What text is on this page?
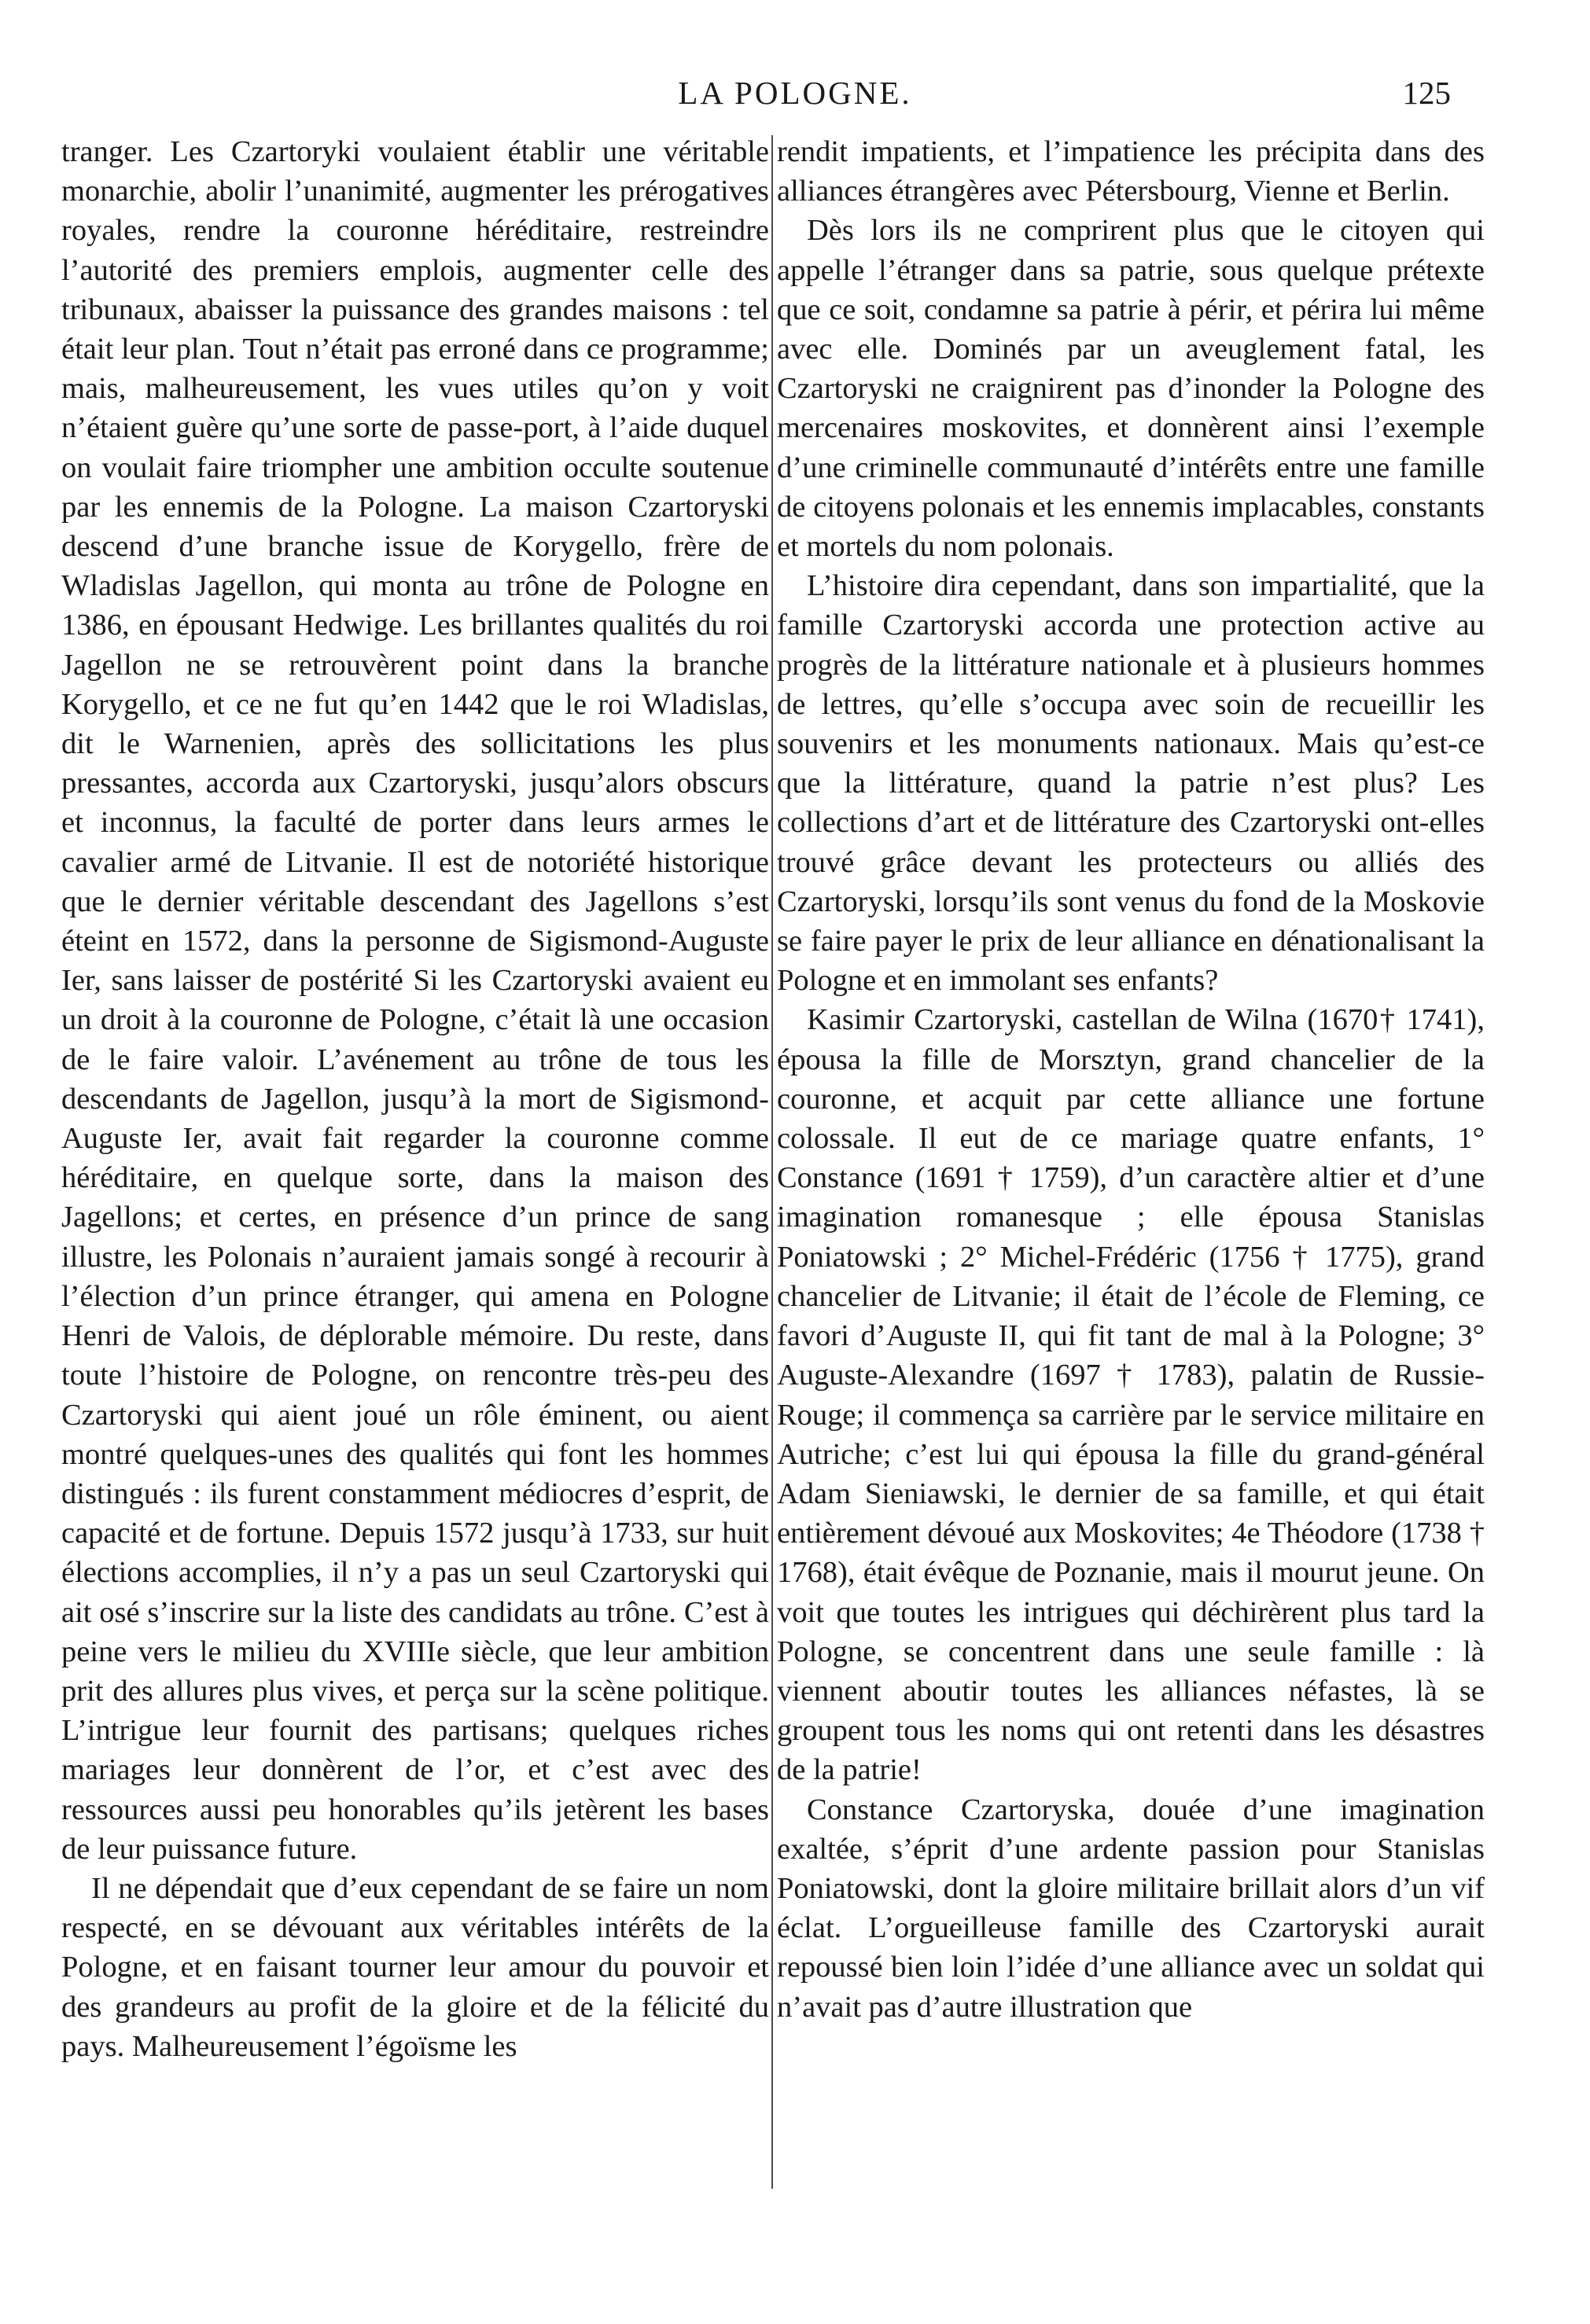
LA POLOGNE.	125

tranger. Les Czartoryki voulaient établir une véritable monarchie, abolir l’unanimité, augmenter les prérogatives royales, rendre la couronne héréditaire, restreindre l’autorité des premiers emplois, augmenter celle des tribunaux, abaisser la puissance des grandes maisons : tel était leur plan. Tout n’était pas erroné dans ce programme; mais, malheureusement, les vues utiles qu’on y voit n’étaient guère qu’une sorte de passe-port, à l’aide duquel on voulait faire triompher une ambition occulte soutenue par les ennemis de la Pologne. La maison Czartoryski descend d’une branche issue de Korygello, frère de Wladislas Jagellon, qui monta au trône de Pologne en 1386, en épousant Hedwige. Les brillantes qualités du roi Jagellon ne se retrouvèrent point dans la branche Korygello, et ce ne fut qu’en 1442 que le roi Wladislas, dit le Warnenien, après des sollicitations les plus pressantes, accorda aux Czartoryski, jusqu’alors obscurs et inconnus, la faculté de porter dans leurs armes le cavalier armé de Litvanie. Il est de notoriété historique que le dernier véritable descendant des Jagellons s’est éteint en 1572, dans la personne de Sigismond-Auguste Ier, sans laisser de postérité Si les Czartoryski avaient eu un droit à la couronne de Pologne, c’était là une occasion de le faire valoir. L’avénement au trône de tous les descendants de Jagellon, jusqu’à la mort de Sigismond-Auguste Ier, avait fait regarder la couronne comme héréditaire, en quelque sorte, dans la maison des Jagellons; et certes, en présence d’un prince de sang illustre, les Polonais n’auraient jamais songé à recourir à l’élection d’un prince étranger, qui amena en Pologne Henri de Valois, de déplorable mémoire. Du reste, dans toute l’histoire de Pologne, on rencontre très-peu des Czartoryski qui aient joué un rôle éminent, ou aient montré quelques-unes des qualités qui font les hommes distingués : ils furent constamment médiocres d’esprit, de capacité et de fortune. Depuis 1572 jusqu’à 1733, sur huit élections accomplies, il n’y a pas un seul Czartoryski qui ait osé s’inscrire sur la liste des candidats au trône. C’est à peine vers le milieu du XVIIIe siècle, que leur ambition prit des allures plus vives, et perça sur la scène politique. L’intrigue leur fournit des partisans; quelques riches mariages leur donnèrent de l’or, et c’est avec des ressources aussi peu honorables qu’ils jetèrent les bases de leur puissance future.

Il ne dépendait que d’eux cependant de se faire un nom respecté, en se dévouant aux véritables intérêts de la Pologne, et en faisant tourner leur amour du pouvoir et des grandeurs au profit de la gloire et de la félicité du pays. Malheureusement l’égoïsme les

rendit impatients, et l’impatience les précipita dans des alliances étrangères avec Pétersbourg, Vienne et Berlin.

Dès lors ils ne comprirent plus que le citoyen qui appelle l’étranger dans sa patrie, sous quelque prétexte que ce soit, condamne sa patrie à périr, et périra lui même avec elle. Dominés par un aveuglement fatal, les Czartoryski ne craignirent pas d’inonder la Pologne des mercenaires moskovites, et donnèrent ainsi l’exemple d’une criminelle communauté d’intérêts entre une famille de citoyens polonais et les ennemis implacables, constants et mortels du nom polonais.

L’histoire dira cependant, dans son impartialité, que la famille Czartoryski accorda une protection active au progrès de la littérature nationale et à plusieurs hommes de lettres, qu’elle s’occupa avec soin de recueillir les souvenirs et les monuments nationaux. Mais qu’est-ce que la littérature, quand la patrie n’est plus? Les collections d’art et de littérature des Czartoryski ont-elles trouvé grâce devant les protecteurs ou alliés des Czartoryski, lorsqu’ils sont venus du fond de la Moskovie se faire payer le prix de leur alliance en dénationalisant la Pologne et en immolant ses enfants?

Kasimir Czartoryski, castellan de Wilna (1670† 1741), épousa la fille de Morsztyn, grand chancelier de la couronne, et acquit par cette alliance une fortune colossale. Il eut de ce mariage quatre enfants, 1° Constance (1691 † 1759), d’un caractère altier et d’une imagination romanesque ; elle épousa Stanislas Poniatowski ; 2° Michel-Frédéric (1756 † 1775), grand chancelier de Litvanie; il était de l’école de Fleming, ce favori d’Auguste II, qui fit tant de mal à la Pologne; 3° Auguste-Alexandre (1697 † 1783), palatin de Russie-Rouge; il commença sa carrière par le service militaire en Autriche; c’est lui qui épousa la fille du grand-général Adam Sieniawski, le dernier de sa famille, et qui était entièrement dévoué aux Moskovites; 4e Théodore (1738 † 1768), était évêque de Poznanie, mais il mourut jeune. On voit que toutes les intrigues qui déchirèrent plus tard la Pologne, se concentrent dans une seule famille : là viennent aboutir toutes les alliances néfastes, là se groupent tous les noms qui ont retenti dans les désastres de la patrie!

Constance Czartoryska, douée d’une imagination exaltée, s’éprit d’une ardente passion pour Stanislas Poniatowski, dont la gloire militaire brillait alors d’un vif éclat. L’orgueilleuse famille des Czartoryski aurait repoussé bien loin l’idée d’une alliance avec un soldat qui n’avait pas d’autre illustration que
